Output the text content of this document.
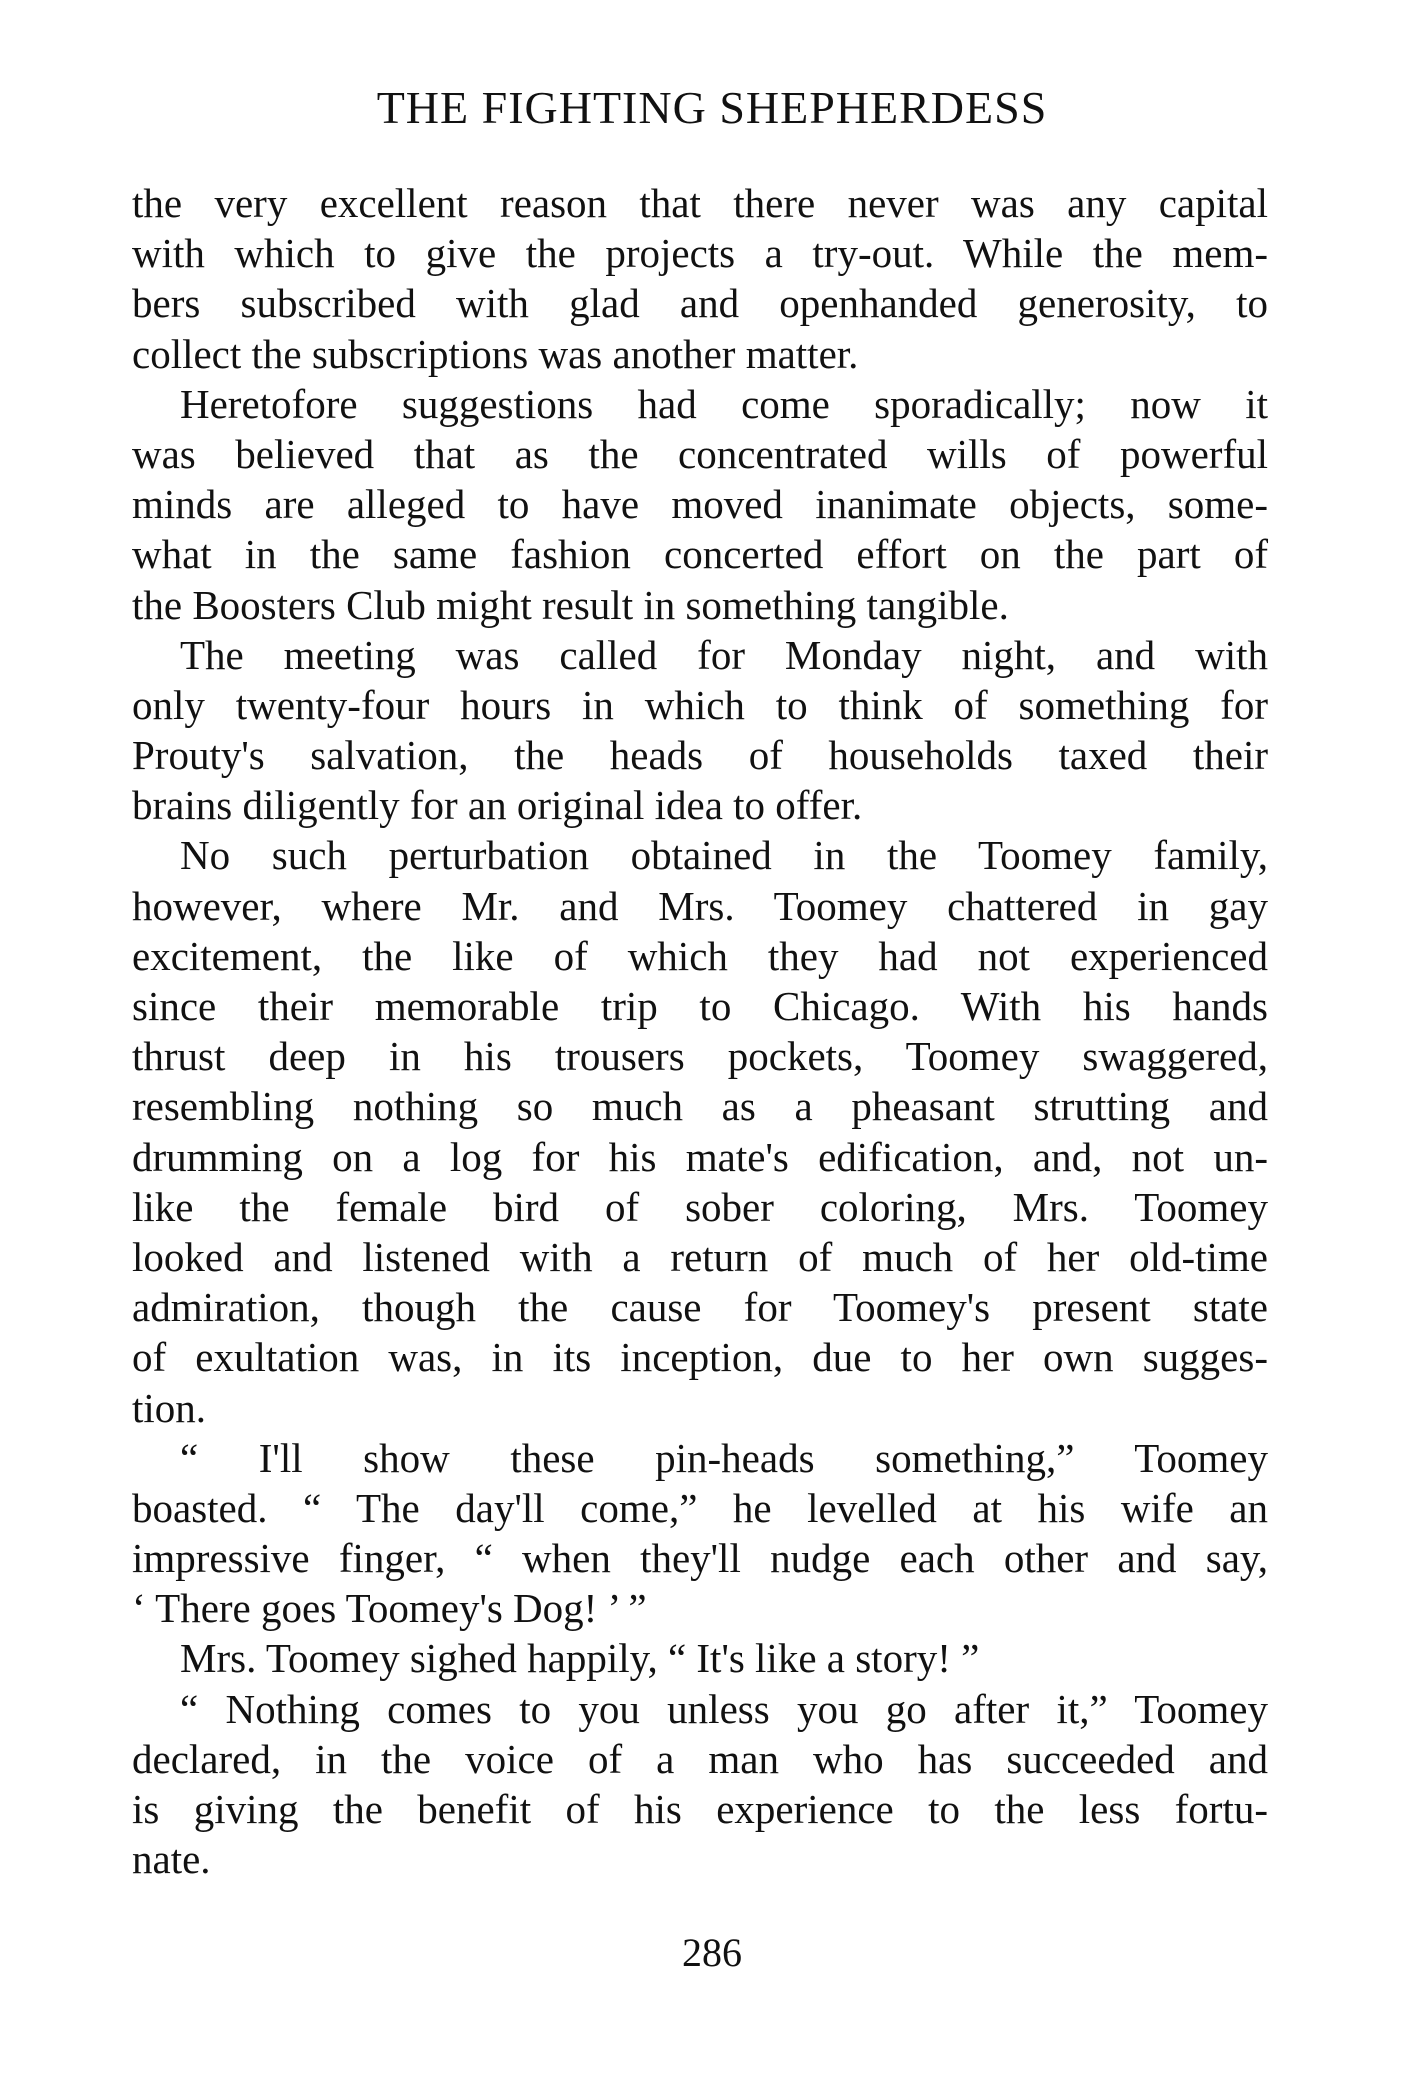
THE FIGHTING SHEPHERDESS
the very excellent reason that there never was any capital
with which to give the projects a try-out. While the mem-
bers subscribed with glad and openhanded generosity, to
collect the subscriptions was another matter.
Heretofore suggestions had come sporadically; now it
was believed that as the concentrated wills of powerful
minds are alleged to have moved inanimate objects, some-
what in the same fashion concerted effort on the part of
the Boosters Club might result in something tangible.
The meeting was called for Monday night, and with
only twenty-four hours in which to think of something for
Prouty's salvation, the heads of households taxed their
brains diligently for an original idea to offer.
No such perturbation obtained in the Toomey family,
however, where Mr. and Mrs. Toomey chattered in gay
excitement, the like of which they had not experienced
since their memorable trip to Chicago. With his hands
thrust deep in his trousers pockets, Toomey swaggered,
resembling nothing so much as a pheasant strutting and
drumming on a log for his mate's edification, and, not un-
like the female bird of sober coloring, Mrs. Toomey
looked and listened with a return of much of her old-time
admiration, though the cause for Toomey's present state
of exultation was, in its inception, due to her own sugges-
tion.
“ I'll show these pin-heads something,” Toomey
boasted. “ The day'll come,” he levelled at his wife an
impressive finger, “ when they'll nudge each other and say,
‘ There goes Toomey's Dog! ’ ”
Mrs. Toomey sighed happily, “ It's like a story! ”
“ Nothing comes to you unless you go after it,” Toomey
declared, in the voice of a man who has succeeded and
is giving the benefit of his experience to the less fortu-
nate.
286
